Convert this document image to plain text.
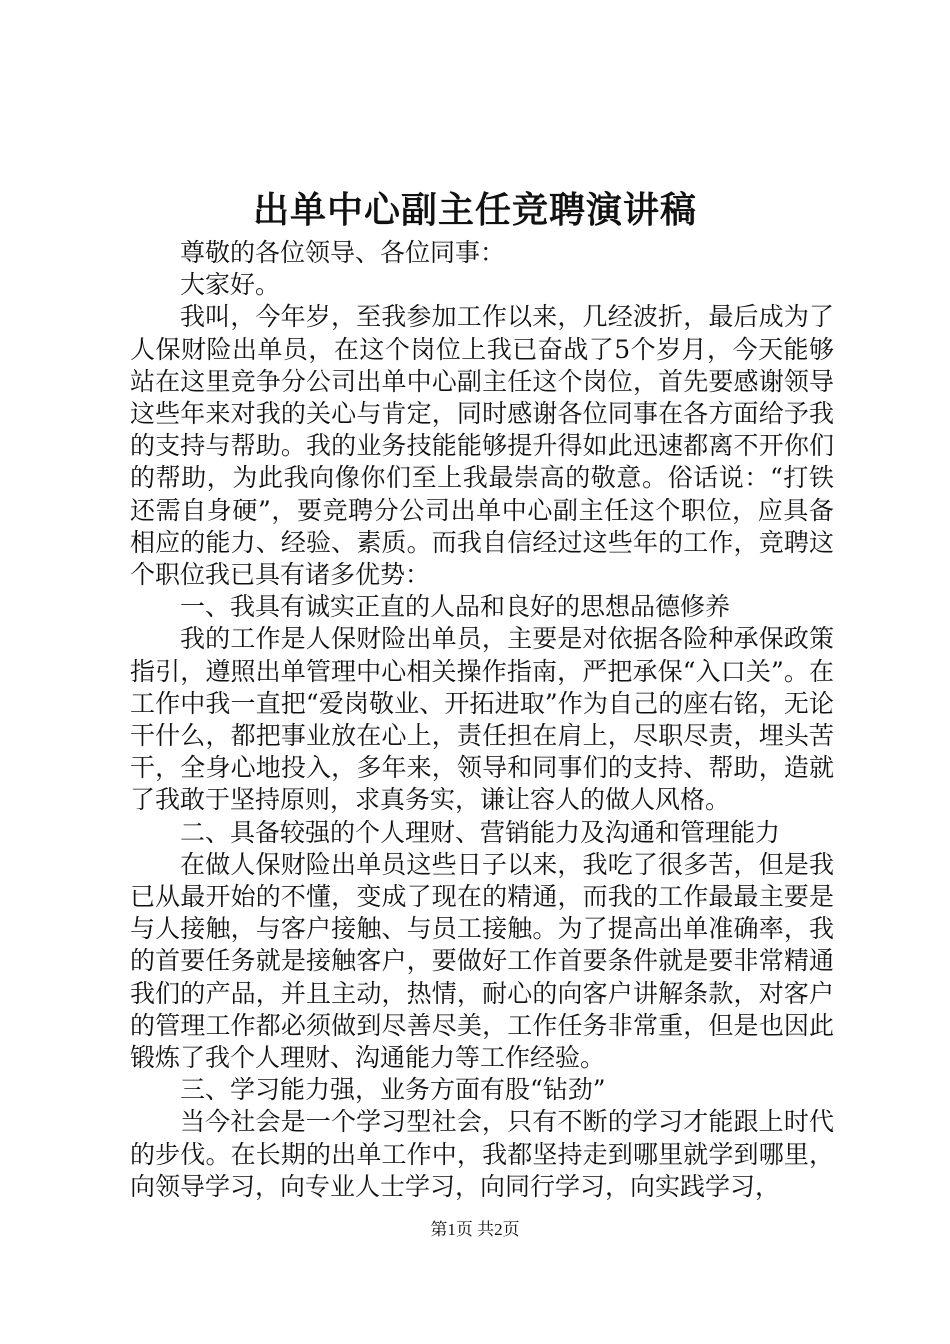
出单中心副主任竞聘演讲稿

尊敬的各位领导、各位同事：

大家好。

我叫，今年岁，至我参加工作以来，几经波折，最后成为了人保财险出单员，在这个岗位上我已奋战了5个岁月，今天能够站在这里竞争分公司出单中心副主任这个岗位，首先要感谢领导这些年来对我的关心与肯定，同时感谢各位同事在各方面给予我的支持与帮助。我的业务技能能够提升得如此迅速都离不开你们的帮助，为此我向像你们至上我最崇高的敬意。俗话说：“打铁还需自身硬”，要竞聘分公司出单中心副主任这个职位，应具备相应的能力、经验、素质。而我自信经过这些年的工作，竞聘这个职位我已具有诸多优势：

一、我具有诚实正直的人品和良好的思想品德修养

我的工作是人保财险出单员，主要是对依据各险种承保政策指引，遵照出单管理中心相关操作指南，严把承保“入口关”。在工作中我一直把“爱岗敬业、开拓进取”作为自己的座右铭，无论干什么，都把事业放在心上，责任担在肩上，尽职尽责，埋头苦干，全身心地投入，多年来，领导和同事们的支持、帮助，造就了我敢于坚持原则，求真务实，谦让容人的做人风格。

二、具备较强的个人理财、营销能力及沟通和管理能力

在做人保财险出单员这些日子以来，我吃了很多苦，但是我已从最开始的不懂，变成了现在的精通，而我的工作最最主要是与人接触，与客户接触、与员工接触。为了提高出单准确率，我的首要任务就是接触客户，要做好工作首要条件就是要非常精通我们的产品，并且主动，热情，耐心的向客户讲解条款，对客户的管理工作都必须做到尽善尽美，工作任务非常重，但是也因此锻炼了我个人理财、沟通能力等工作经验。

三、学习能力强，业务方面有股“钻劲”

当今社会是一个学习型社会，只有不断的学习才能跟上时代的步伐。在长期的出单工作中，我都坚持走到哪里就学到哪里，向领导学习，向专业人士学习，向同行学习，向实践学习，

第1页 共2页
